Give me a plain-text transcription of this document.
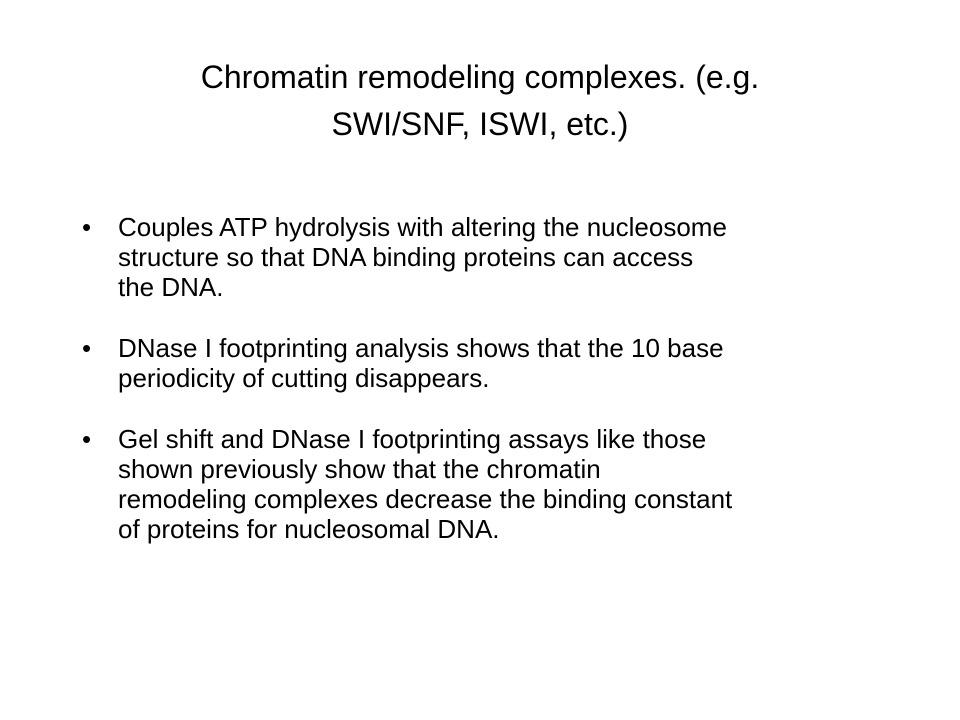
Chromatin remodeling complexes. (e.g.
SWI/SNF, ISWI, etc.)
• Couples ATP hydrolysis with altering the nucleosome
structure so that DNA binding proteins can access
the DNA.
• DNase I footprinting analysis shows that the 10 base
periodicity of cutting disappears.
• Gel shift and DNase I footprinting assays like those
shown previously show that the chromatin
remodeling complexes decrease the binding constant
of proteins for nucleosomal DNA.
